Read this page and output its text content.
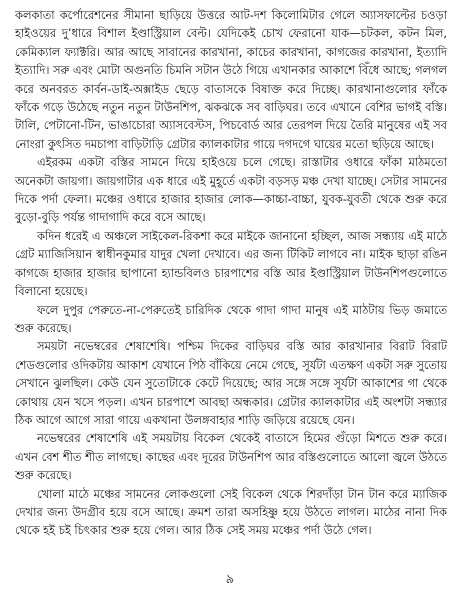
কলকাতা কর্পোরেশনের সীমানা ছাড়িয়ে উত্তরে আট-দশ কিলোমিটার গেলে অ্যাসফাল্টের চওড়া হাইওয়ের দু’ধারে বিশাল ইণ্ডাস্ট্রিয়াল বেল্ট। যেদিকেই চোখ ফেরানো যাক—চটকল, কটন মিল, কেমিক্যাল ফ্যাক্টরি। আর আছে সাবানের কারখানা, কাচের কারখানা, কাগজের কারখানা, ইত্যাদি ইত্যাদি। সরু এবং মোটা অগুনতি চিমনি সটান উঠে গিয়ে এখানকার আকাশে বিঁধে আছে; গলগল করে অনবরত কার্বন-ডাই-অক্সাইড ছেড়ে বাতাসকে বিষাক্ত করে দিচ্ছে। কারখানাগুলোর ফাঁকে ফাঁকে গড়ে উঠেছে নতুন নতুন টাউনশিপ, ঝকঝকে সব বাড়িঘর। তবে এখানে বেশির ভাগই বস্তি। টালি, পেটানো-টিন, ভাঙাচোরা অ্যাসবেস্টস, পিচবোর্ড আর তেরপল দিয়ে তৈরি মানুষের এই সব নোংরা কুৎসিত দমচাপা বাড়িটাড়ি গ্রেটার ক্যালকাটার গায়ে দগদগে ঘায়ের মতো ছড়িয়ে আছে।

এইরকম একটা বস্তির সামনে দিয়ে হাইওয়ে চলে গেছে। রাস্তাটার ওধারে ফাঁকা মাঠমতো অনেকটা জায়গা। জায়গাটার এক ধারে এই মুহূর্তে একটা বড়সড় মঞ্চ দেখা যাচ্ছে। সেটার সামনের দিকে পর্দা ফেলা। মঞ্চের ওধারে হাজার হাজার লোক—কাচ্চা-বাচ্চা, যুবক-যুবতী থেকে শুরু করে বুড়ো-বুড়ি পর্যন্ত গাদাগাদি করে বসে আছে।

কদিন ধরেই এ অঞ্চলে সাইকেল-রিকশা করে মাইকে জানানো হচ্ছিল, আজ সন্ধ্যায় এই মাঠে গ্রেট ম্যাজিসিয়ান স্বাধীনকুমার যাদুর খেলা দেখাবে। এর জন্য টিকিট লাগবে না। মাইক ছাড়া রঙিন কাগজে হাজার হাজার ছাপানো হ্যান্ডবিলও চারপাশের বস্তি আর ইণ্ডাস্ট্রিয়াল টাউনশিপগুলোতে বিলানো হয়েছে।

ফলে দুপুর পেরুতে-না-পেরুতেই চারিদিক থেকে গাদা গাদা মানুষ এই মাঠটায় ভিড় জমাতে শুরু করেছে।

সময়টা নভেম্বরের শেষাশেষি। পশ্চিম দিকের বাড়িঘর বস্তি আর কারখানার বিরাট বিরাট শেডগুলোর ওদিকটায় আকাশ যেখানে পিঠ বাঁকিয়ে নেমে গেছে, সূর্যটা এতক্ষণ একটা সরু সুতোয় সেখানে ঝুলছিল। কেউ যেন সুতোটাকে কেটে দিয়েছে; আর সঙ্গে সঙ্গে সূর্যটা আকাশের গা থেকে কোথায় যেন খসে পড়ল। এখন চারপাশে আবছা অন্ধকার। গ্রেটার ক্যালকাটার এই অংশটা সন্ধ্যার ঠিক আগে আগে সারা গায়ে একখানা উলঙ্গবাহার শাড়ি জড়িয়ে রয়েছে যেন।

নভেম্বরের শেষাশেষি এই সময়টায় বিকেল থেকেই বাতাসে হিমের গুঁড়ো মিশতে শুরু করে। এখন বেশ শীত শীত লাগছে। কাছের এবং দূরের টাউনশিপ আর বস্তিগুলোতে আলো জ্বলে উঠতে শুরু করেছে।

খোলা মাঠে মঞ্চের সামনের লোকগুলো সেই বিকেল থেকে শিরদাঁড়া টান টান করে ম্যাজিক দেখার জন্য উদগ্রীব হয়ে বসে আছে। ক্রমশ তারা অসহিষ্ণু হয়ে উঠতে লাগল। মাঠের নানা দিক থেকে হই চই চিৎকার শুরু হয়ে গেল। আর ঠিক সেই সময় মঞ্চের পর্দা উঠে গেল।

৯
